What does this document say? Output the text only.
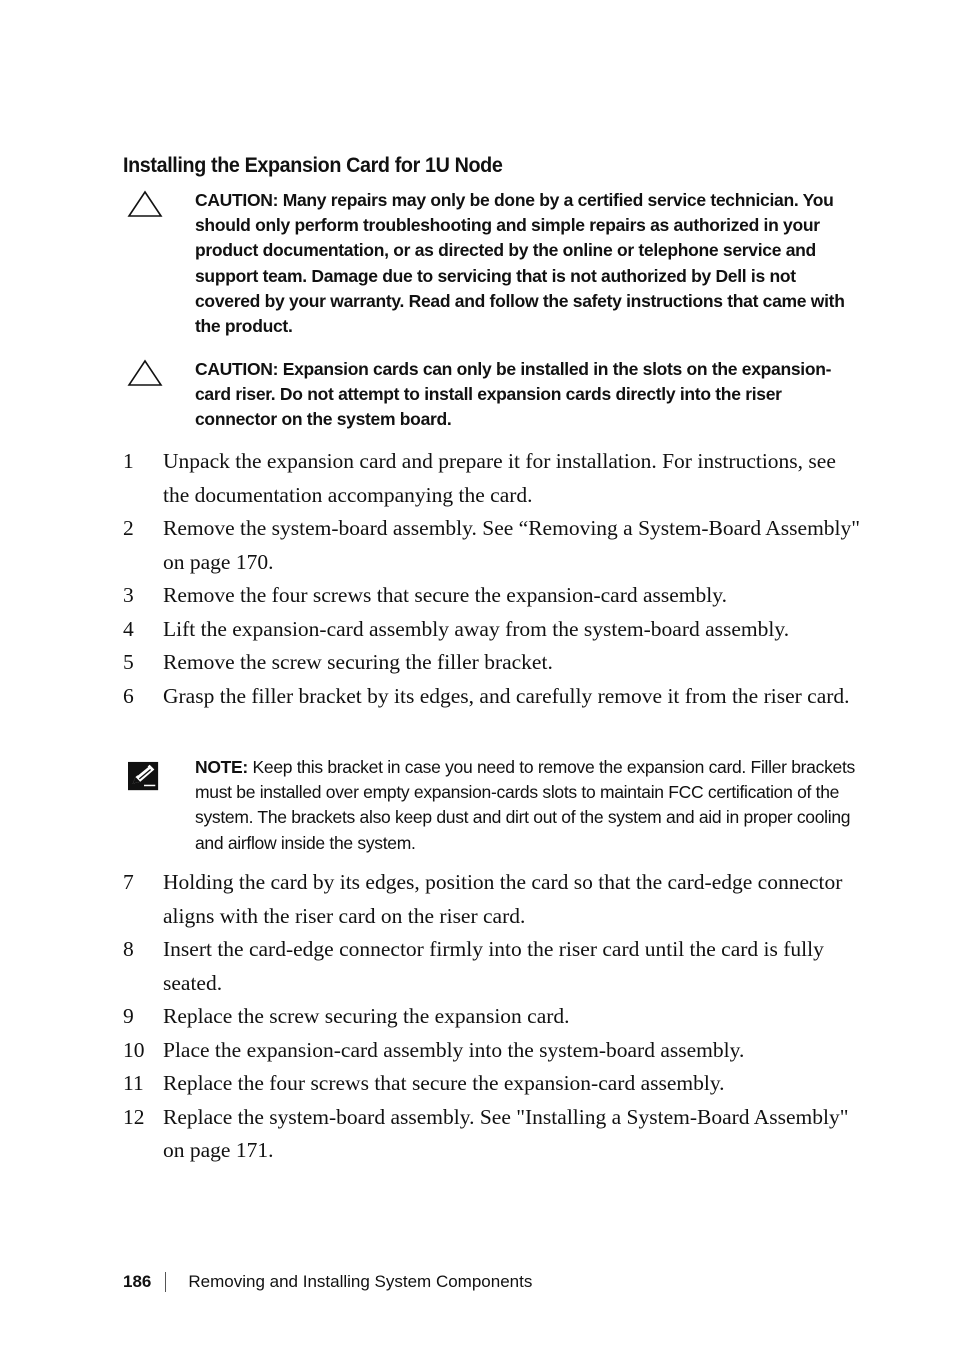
Installing the Expansion Card for 1U Node
CAUTION: Many repairs may only be done by a certified service technician. You should only perform troubleshooting and simple repairs as authorized in your product documentation, or as directed by the online or telephone service and support team. Damage due to servicing that is not authorized by Dell is not covered by your warranty. Read and follow the safety instructions that came with the product.
CAUTION: Expansion cards can only be installed in the slots on the expansion-card riser. Do not attempt to install expansion cards directly into the riser connector on the system board.
1	Unpack the expansion card and prepare it for installation. For instructions, see the documentation accompanying the card.
2	Remove the system-board assembly. See “Removing a System-Board Assembly" on page 170.
3	Remove the four screws that secure the expansion-card assembly.
4	Lift the expansion-card assembly away from the system-board assembly.
5	Remove the screw securing the filler bracket.
6	Grasp the filler bracket by its edges, and carefully remove it from the riser card.
NOTE: Keep this bracket in case you need to remove the expansion card. Filler brackets must be installed over empty expansion-cards slots to maintain FCC certification of the system. The brackets also keep dust and dirt out of the system and aid in proper cooling and airflow inside the system.
7	Holding the card by its edges, position the card so that the card-edge connector aligns with the riser card on the riser card.
8	Insert the card-edge connector firmly into the riser card until the card is fully seated.
9	Replace the screw securing the expansion card.
10 Place the expansion-card assembly into the system-board assembly.
11 Replace the four screws that secure the expansion-card assembly.
12 Replace the system-board assembly. See "Installing a System-Board Assembly" on page 171.
186 Removing and Installing System Components
